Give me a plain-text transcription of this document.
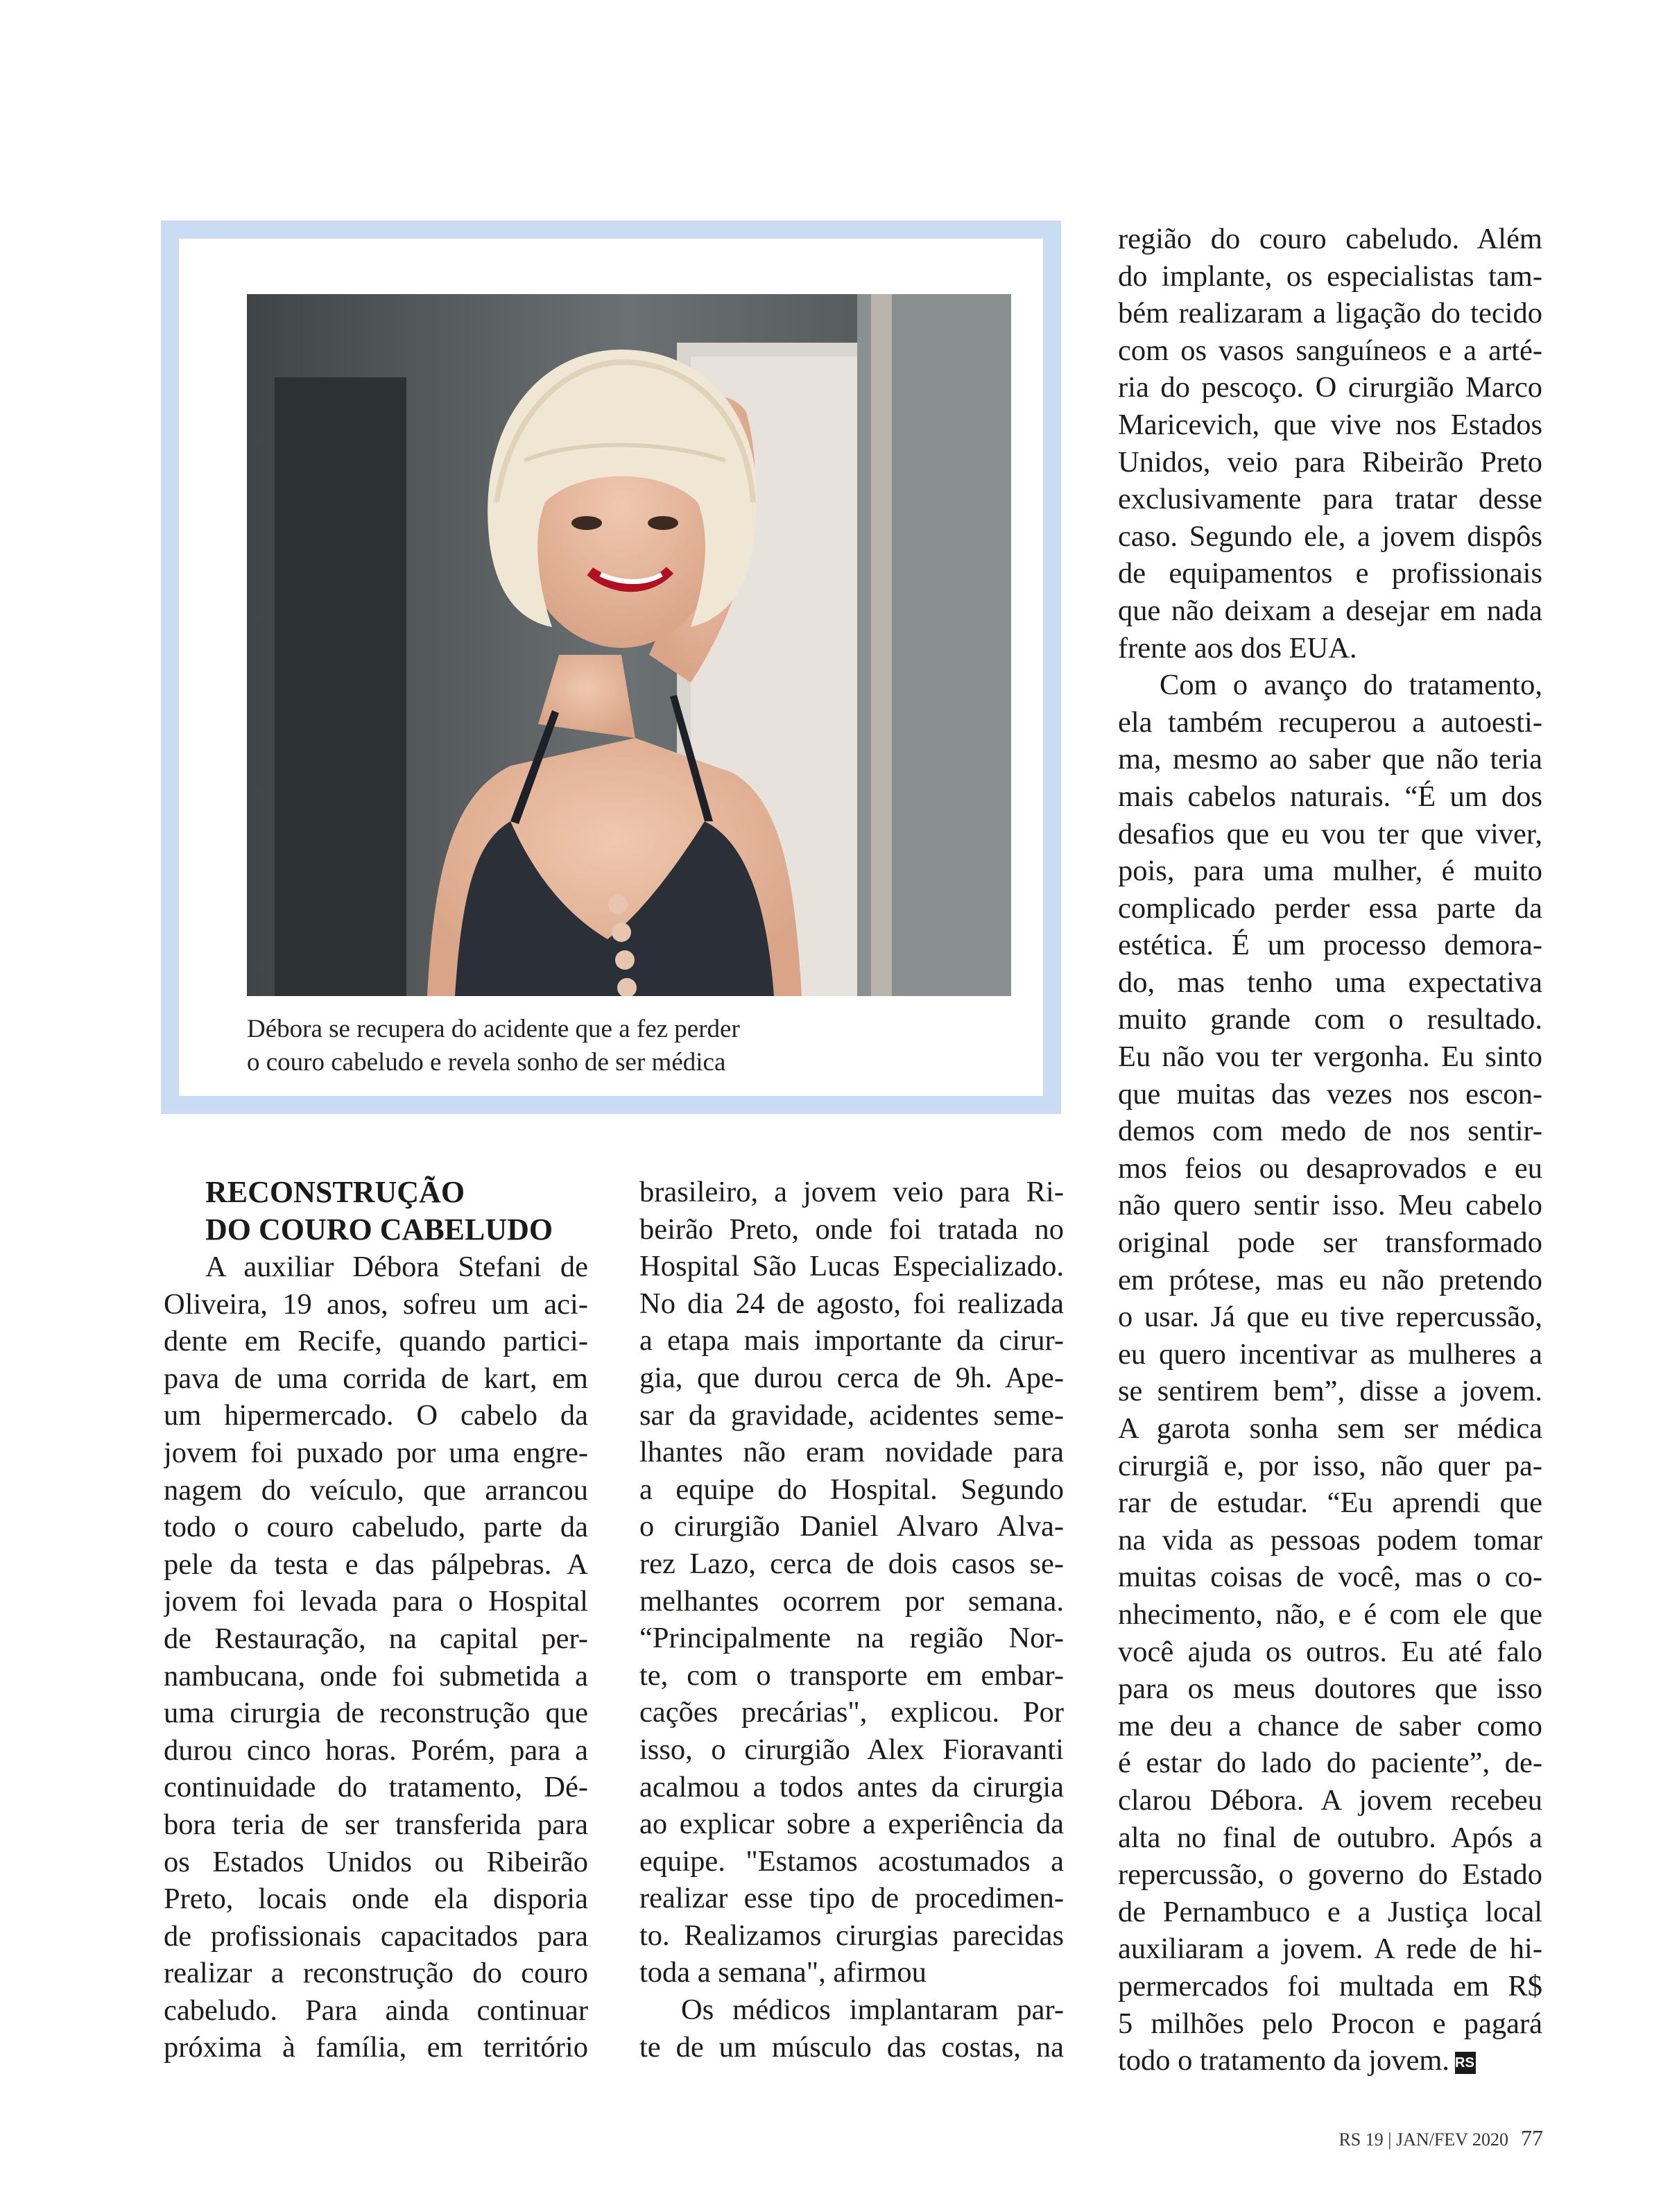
Débora se recupera do acidente que a fez perder
o couro cabeludo e revela sonho de ser médica
RECONSTRUÇÃO
DO COURO CABELUDO
A auxiliar Débora Stefani de
Oliveira, 19 anos, sofreu um aci-
dente em Recife, quando partici-
pava de uma corrida de kart, em
um hipermercado. O cabelo da
jovem foi puxado por uma engre-
nagem do veículo, que arrancou
todo o couro cabeludo, parte da
pele da testa e das pálpebras. A
jovem foi levada para o Hospital
de Restauração, na capital per-
nambucana, onde foi submetida a
uma cirurgia de reconstrução que
durou cinco horas. Porém, para a
continuidade do tratamento, Dé-
bora teria de ser transferida para
os Estados Unidos ou Ribeirão
Preto, locais onde ela disporia
de profissionais capacitados para
realizar a reconstrução do couro
cabeludo. Para ainda continuar
próxima à família, em território
brasileiro, a jovem veio para Ri-
beirão Preto, onde foi tratada no
Hospital São Lucas Especializado.
No dia 24 de agosto, foi realizada
a etapa mais importante da cirur-
gia, que durou cerca de 9h. Ape-
sar da gravidade, acidentes seme-
lhantes não eram novidade para
a equipe do Hospital. Segundo
o cirurgião Daniel Alvaro Alva-
rez Lazo, cerca de dois casos se-
melhantes ocorrem por semana.
“Principalmente na região Nor-
te, com o transporte em embar-
cações precárias", explicou. Por
isso, o cirurgião Alex Fioravanti
acalmou a todos antes da cirurgia
ao explicar sobre a experiência da
equipe. "Estamos acostumados a
realizar esse tipo de procedimen-
to. Realizamos cirurgias parecidas
toda a semana", afirmou
Os médicos implantaram par-
te de um músculo das costas, na
região do couro cabeludo. Além
do implante, os especialistas tam-
bém realizaram a ligação do tecido
com os vasos sanguíneos e a arté-
ria do pescoço. O cirurgião Marco
Maricevich, que vive nos Estados
Unidos, veio para Ribeirão Preto
exclusivamente para tratar desse
caso. Segundo ele, a jovem dispôs
de equipamentos e profissionais
que não deixam a desejar em nada
frente aos dos EUA.
Com o avanço do tratamento,
ela também recuperou a autoesti-
ma, mesmo ao saber que não teria
mais cabelos naturais. “É um dos
desafios que eu vou ter que viver,
pois, para uma mulher, é muito
complicado perder essa parte da
estética. É um processo demora-
do, mas tenho uma expectativa
muito grande com o resultado.
Eu não vou ter vergonha. Eu sinto
que muitas das vezes nos escon-
demos com medo de nos sentir-
mos feios ou desaprovados e eu
não quero sentir isso. Meu cabelo
original pode ser transformado
em prótese, mas eu não pretendo
o usar. Já que eu tive repercussão,
eu quero incentivar as mulheres a
se sentirem bem”, disse a jovem.
A garota sonha sem ser médica
cirurgiã e, por isso, não quer pa-
rar de estudar. “Eu aprendi que
na vida as pessoas podem tomar
muitas coisas de você, mas o co-
nhecimento, não, e é com ele que
você ajuda os outros. Eu até falo
para os meus doutores que isso
me deu a chance de saber como
é estar do lado do paciente”, de-
clarou Débora. A jovem recebeu
alta no final de outubro. Após a
repercussão, o governo do Estado
de Pernambuco e a Justiça local
auxiliaram a jovem. A rede de hi-
permercados foi multada em R$
5 milhões pelo Procon e pagará
todo o tratamento da jovem. RS
RS 19 | JAN/FEV 2020 77
